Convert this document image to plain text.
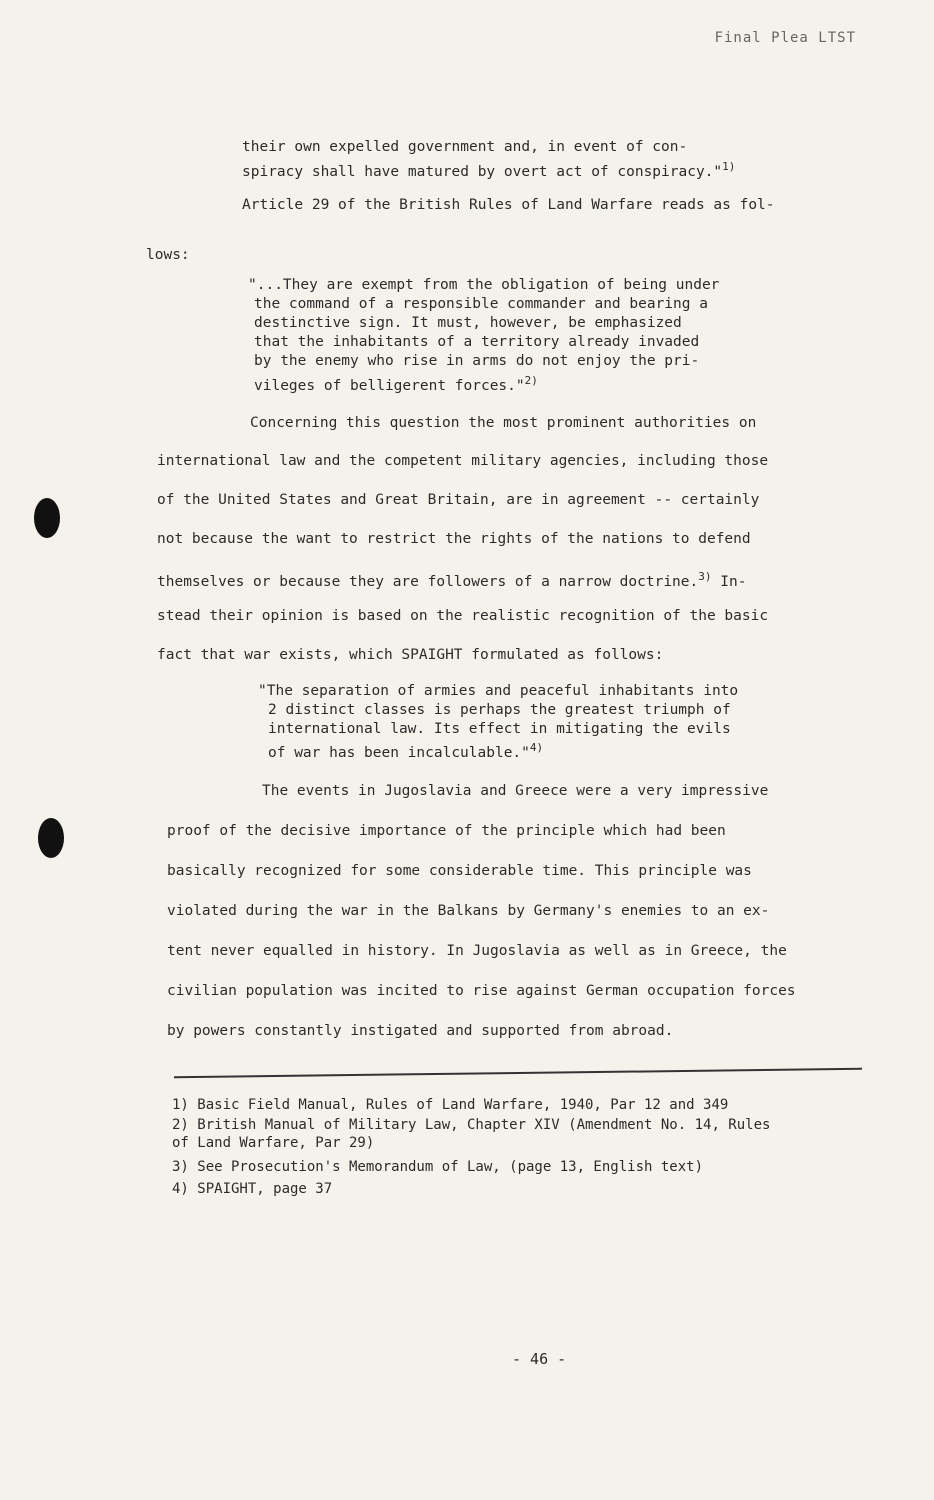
Final Plea LTST
their own expelled government and, in event of con-
spiracy shall have matured by overt act of conspiracy."$^{1)}$
Article 29 of the British Rules of Land Warfare reads as fol-
lows:
"...They are exempt from the obligation of being under
the command of a responsible commander and bearing a
destinctive sign. It must, however, be emphasized
that the inhabitants of a territory already invaded
by the enemy who rise in arms do not enjoy the pri-
vileges of belligerent forces."$^{2)}$
Concerning this question the most prominent authorities on
international law and the competent military agencies, including those
of the United States and Great Britain, are in agreement -- certainly
not because the want to restrict the rights of the nations to defend
themselves or because they are followers of a narrow doctrine.$^{3)}$ In-
stead their opinion is based on the realistic recognition of the basic
fact that war exists, which SPAIGHT formulated as follows:
"The separation of armies and peaceful inhabitants into
2 distinct classes is perhaps the greatest triumph of
international law. Its effect in mitigating the evils
of war has been incalculable."$^{4)}$
The events in Jugoslavia and Greece were a very impressive
proof of the decisive importance of the principle which had been
basically recognized for some considerable time. This principle was
violated during the war in the Balkans by Germany's enemies to an ex-
tent never equalled in history. In Jugoslavia as well as in Greece, the
civilian population was incited to rise against German occupation forces
by powers constantly instigated and supported from abroad.
1) Basic Field Manual, Rules of Land Warfare, 1940, Par 12 and 349
2) British Manual of Military Law, Chapter XIV (Amendment No. 14, Rules
of Land Warfare, Par 29)
3) See Prosecution's Memorandum of Law, (page 13, English text)
4) SPAIGHT, page 37
- 46 -
